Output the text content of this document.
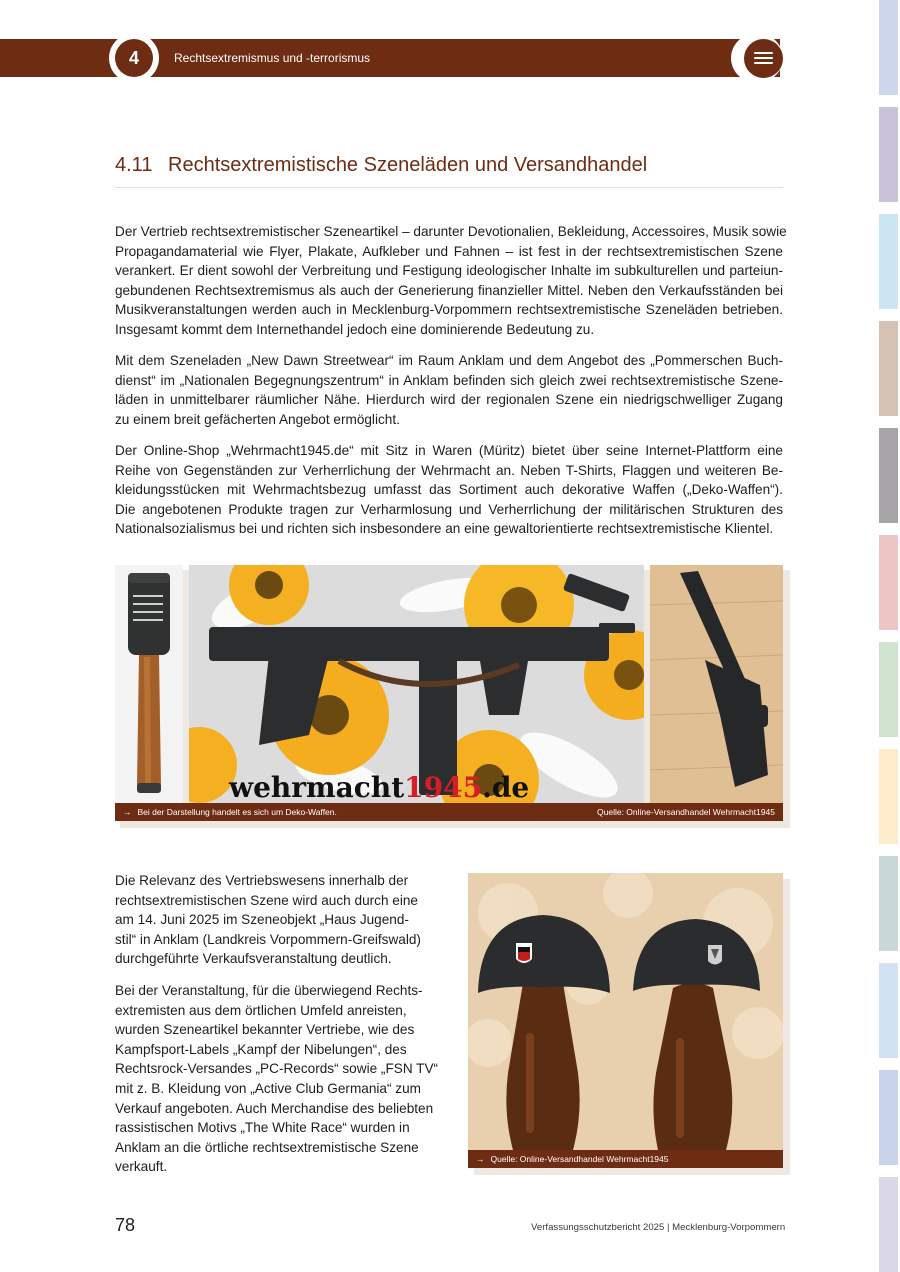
4	Rechtsextremismus und -terrorismus
4.11 Rechtsextremistische Szeneläden und Versandhandel

Der Vertrieb rechtsextremistischer Szeneartikel – darunter Devotionalien, Bekleidung, Accessoires, Musik sowie
Propagandamaterial wie Flyer, Plakate, Aufkleber und Fahnen – ist fest in der rechtsextremistischen Szene
verankert. Er dient sowohl der Verbreitung und Festigung ideologischer Inhalte im subkulturellen und parteiun-
gebundenen Rechtsextremismus als auch der Generierung finanzieller Mittel. Neben den Verkaufsständen bei
Musikveranstaltungen werden auch in Mecklenburg-Vorpommern rechtsextremistische Szeneläden betrieben.
Insgesamt kommt dem Internethandel jedoch eine dominierende Bedeutung zu.

Mit dem Szeneladen „New Dawn Streetwear“ im Raum Anklam und dem Angebot des „Pommerschen Buch-
dienst“ im „Nationalen Begegnungszentrum“ in Anklam befinden sich gleich zwei rechtsextremistische Szene-
läden in unmittelbarer räumlicher Nähe. Hierdurch wird der regionalen Szene ein niedrigschwelliger Zugang
zu einem breit gefächerten Angebot ermöglicht.

Der Online-Shop „Wehrmacht1945.de“ mit Sitz in Waren (Müritz) bietet über seine Internet-Plattform eine
Reihe von Gegenständen zur Verherrlichung der Wehrmacht an. Neben T-Shirts, Flaggen und weiteren Be-
kleidungsstücken mit Wehrmachtsbezug umfasst das Sortiment auch dekorative Waffen („Deko-Waffen“).
Die angebotenen Produkte tragen zur Verharmlosung und Verherrlichung der militärischen Strukturen des
Nationalsozialismus bei und richten sich insbesondere an eine gewaltorientierte rechtsextremistische Klientel.

wehrmacht1945.de
→ Bei der Darstellung handelt es sich um Deko-Waffen.	Quelle: Online-Versandhandel Wehrmacht1945

Die Relevanz des Vertriebswesens innerhalb der
rechtsextremistischen Szene wird auch durch eine
am 14. Juni 2025 im Szeneobjekt „Haus Jugend-
stil“ in Anklam (Landkreis Vorpommern-Greifswald)
durchgeführte Verkaufsveranstaltung deutlich.

Bei der Veranstaltung, für die überwiegend Rechts-
extremisten aus dem örtlichen Umfeld anreisten,
wurden Szeneartikel bekannter Vertriebe, wie des
Kampfsport-Labels „Kampf der Nibelungen“, des
Rechtsrock-Versandes „PC-Records“ sowie „FSN TV“
mit z. B. Kleidung von „Active Club Germania“ zum
Verkauf angeboten. Auch Merchandise des beliebten
rassistischen Motivs „The White Race“ wurden in
Anklam an die örtliche rechtsextremistische Szene
verkauft.

→ Quelle: Online-Versandhandel Wehrmacht1945
78	Verfassungsschutzbericht 2025 | Mecklenburg-Vorpommern
